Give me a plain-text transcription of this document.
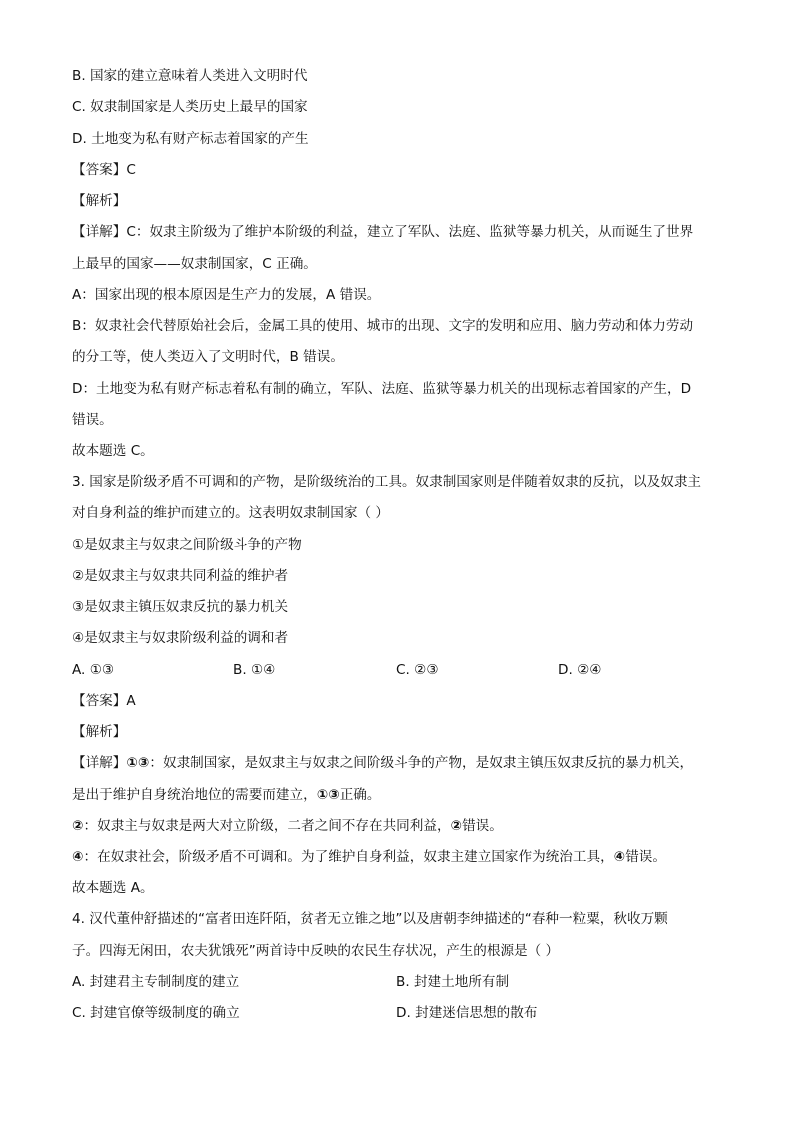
B. 国家的建立意味着人类进入文明时代
C. 奴隶制国家是人类历史上最早的国家
D. 土地变为私有财产标志着国家的产生
【答案】C
【解析】
【详解】C：奴隶主阶级为了维护本阶级的利益，建立了军队、法庭、监狱等暴力机关，从而诞生了世界
上最早的国家——奴隶制国家，C 正确。
A：国家出现的根本原因是生产力的发展，A 错误。
B：奴隶社会代替原始社会后，金属工具的使用、城市的出现、文字的发明和应用、脑力劳动和体力劳动
的分工等，使人类迈入了文明时代，B 错误。
D：土地变为私有财产标志着私有制的确立，军队、法庭、监狱等暴力机关的出现标志着国家的产生，D
错误。
故本题选 C。
3. 国家是阶级矛盾不可调和的产物，是阶级统治的工具。奴隶制国家则是伴随着奴隶的反抗，以及奴隶主
对自身利益的维护而建立的。这表明奴隶制国家（ ）
①是奴隶主与奴隶之间阶级斗争的产物
②是奴隶主与奴隶共同利益的维护者
③是奴隶主镇压奴隶反抗的暴力机关
④是奴隶主与奴隶阶级利益的调和者
A. ①③	B. ①④	C. ②③	D. ②④
【答案】A
【解析】
【详解】①③：奴隶制国家，是奴隶主与奴隶之间阶级斗争的产物，是奴隶主镇压奴隶反抗的暴力机关，
是出于维护自身统治地位的需要而建立，①③正确。
②：奴隶主与奴隶是两大对立阶级，二者之间不存在共同利益，②错误。
④：在奴隶社会，阶级矛盾不可调和。为了维护自身利益，奴隶主建立国家作为统治工具，④错误。
故本题选 A。
4. 汉代董仲舒描述的“富者田连阡陌，贫者无立锥之地”以及唐朝李绅描述的“春种一粒粟，秋收万颗
子。四海无闲田，农夫犹饿死”两首诗中反映的农民生存状况，产生的根源是（ ）
A. 封建君主专制制度的建立	B. 封建土地所有制
C. 封建官僚等级制度的确立	D. 封建迷信思想的散布
